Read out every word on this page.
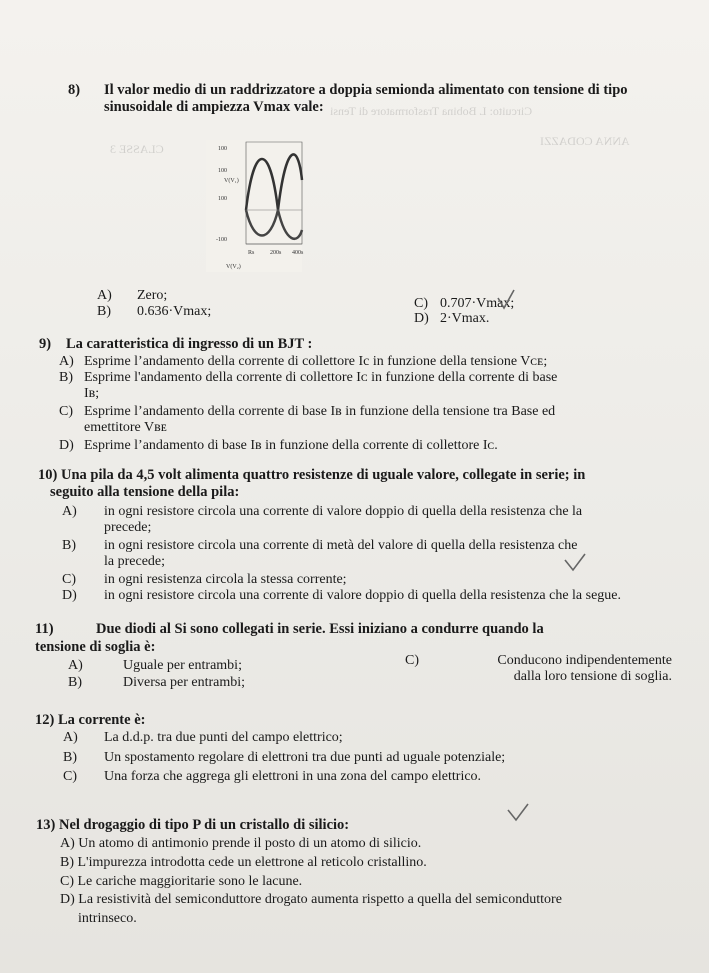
Circuito: L Bobina Trasformatore di Tensi
ANNA CODAZZI
CLASSE 3
8) Il valor medio di un raddrizzatore a doppia semionda alimentato con tensione di tipo
sinusoidale di ampiezza Vmax vale:
100
100
V(V₁)
100
-100
Rs	200s 400s
V(V₂)
A) Zero;
B) 0.636·Vmax;
C) 0.707·Vmax;
D) 2·Vmax.
9) La caratteristica di ingresso di un BJT :
A) Esprime l’andamento della corrente di collettore Ic in funzione della tensione Vᴄᴇ;
B) Esprime l'andamento della corrente di collettore Iᴄ in funzione della corrente di base
Iʙ;
C) Esprime l’andamento della corrente di base Iʙ in funzione della tensione tra Base ed
emettitore Vʙᴇ
D) Esprime l’andamento di base Iʙ in funzione della corrente di collettore Iᴄ.
10) Una pila da 4,5 volt alimenta quattro resistenze di uguale valore, collegate in serie; in
seguito alla tensione della pila:
A) in ogni resistore circola una corrente di valore doppio di quella della resistenza che la
precede;
B) in ogni resistore circola una corrente di metà del valore di quella della resistenza che
la precede;
C) in ogni resistenza circola la stessa corrente;
D) in ogni resistore circola una corrente di valore doppio di quella della resistenza che la segue.
11)	Due diodi al Si sono collegati in serie. Essi iniziano a condurre quando la
tensione di soglia è:
A)	Uguale per entrambi;
B)	Diversa per entrambi;
C)	Conducono indipendentemente
dalla loro tensione di soglia.
12) La corrente è:
A) La d.d.p. tra due punti del campo elettrico;
B) Un spostamento regolare di elettroni tra due punti ad uguale potenziale;
C) Una forza che aggrega gli elettroni in una zona del campo elettrico.
13) Nel drogaggio di tipo P di un cristallo di silicio:
A) Un atomo di antimonio prende il posto di un atomo di silicio.
B) L'impurezza introdotta cede un elettrone al reticolo cristallino.
C) Le cariche maggioritarie sono le lacune.
D) La resistività del semiconduttore drogato aumenta rispetto a quella del semiconduttore
intrinseco.
